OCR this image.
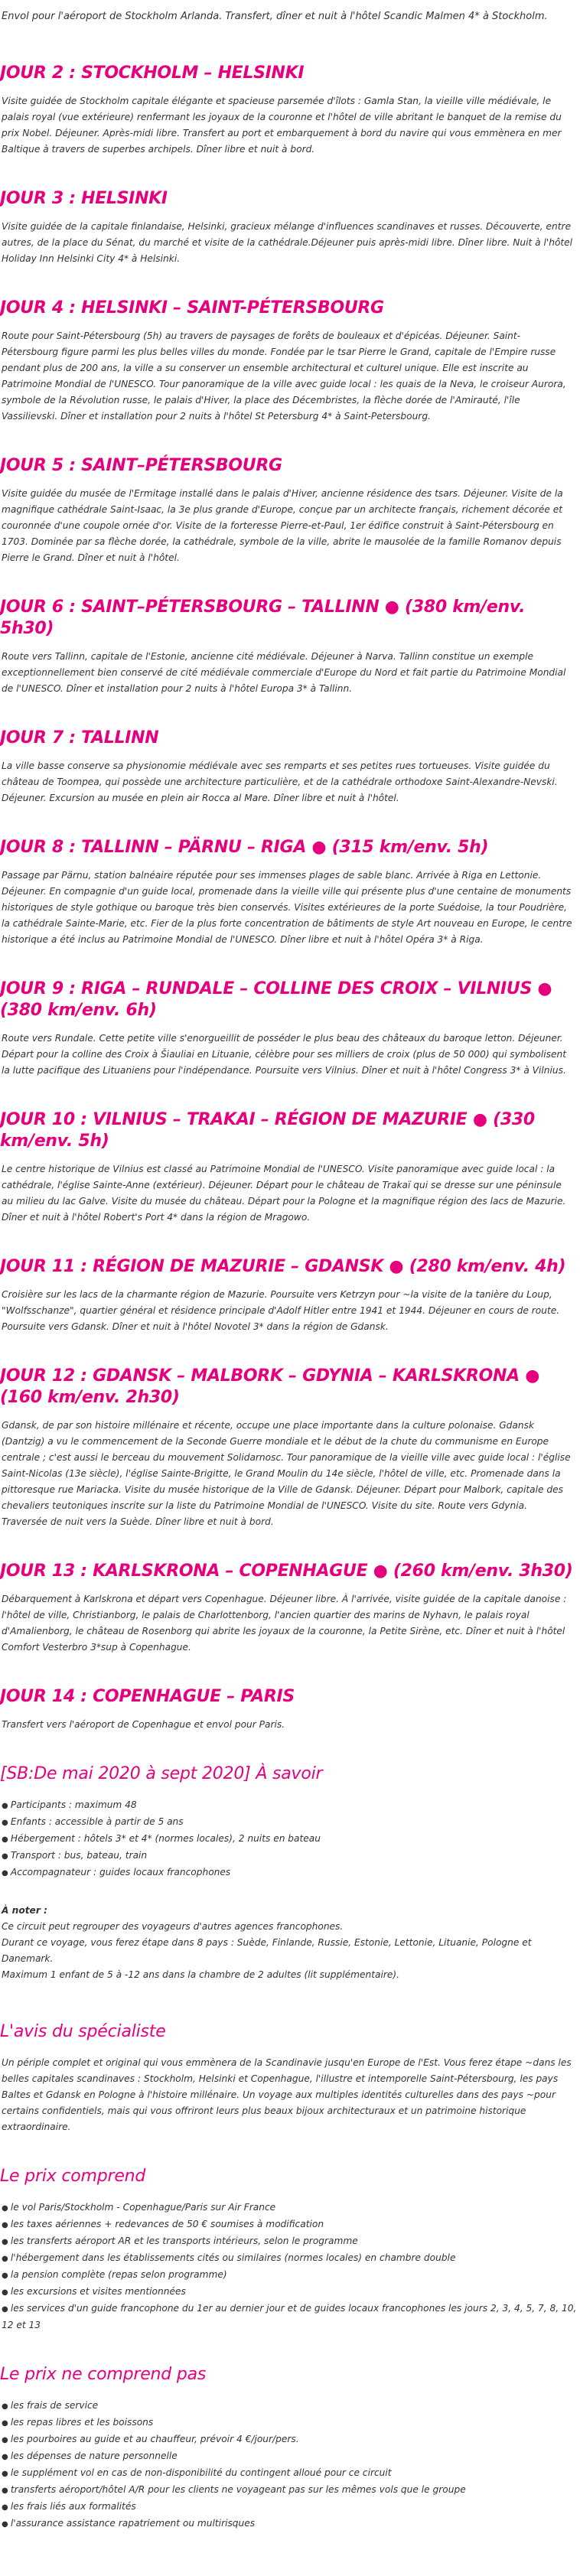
Envol pour l'aéroport de Stockholm Arlanda. Transfert, dîner et nuit à l'hôtel Scandic Malmen 4* à Stockholm.

JOUR 2 : STOCKHOLM – HELSINKI

Visite guidée de Stockholm capitale élégante et spacieuse parsemée d'îlots : Gamla Stan, la vieille ville médiévale, le palais royal (vue extérieure) renfermant les joyaux de la couronne et l'hôtel de ville abritant le banquet de la remise du prix Nobel. Déjeuner. Après-midi libre. Transfert au port et embarquement à bord du navire qui vous emmènera en mer Baltique à travers de superbes archipels. Dîner libre et nuit à bord.

JOUR 3 : HELSINKI

Visite guidée de la capitale finlandaise, Helsinki, gracieux mélange d'influences scandinaves et russes. Découverte, entre autres, de la place du Sénat, du marché et visite de la cathédrale.Déjeuner puis après-midi libre. Dîner libre. Nuit à l'hôtel Holiday Inn Helsinki City 4* à Helsinki.

JOUR 4 : HELSINKI – SAINT-PÉTERSBOURG

Route pour Saint-Pétersbourg (5h) au travers de paysages de forêts de bouleaux et d'épicéas. Déjeuner. Saint-Pétersbourg figure parmi les plus belles villes du monde. Fondée par le tsar Pierre le Grand, capitale de l'Empire russe pendant plus de 200 ans, la ville a su conserver un ensemble architectural et culturel unique. Elle est inscrite au Patrimoine Mondial de l'UNESCO. Tour panoramique de la ville avec guide local : les quais de la Neva, le croiseur Aurora, symbole de la Révolution russe, le palais d'Hiver, la place des Décembristes, la flèche dorée de l'Amirauté, l'île Vassilievski. Dîner et installation pour 2 nuits à l'hôtel St Petersburg 4* à Saint-Petersbourg.

JOUR 5 : SAINT–PÉTERSBOURG

Visite guidée du musée de l'Ermitage installé dans le palais d'Hiver, ancienne résidence des tsars. Déjeuner. Visite de la magnifique cathédrale Saint-Isaac, la 3e plus grande d'Europe, conçue par un architecte français, richement décorée et couronnée d'une coupole ornée d'or. Visite de la forteresse Pierre-et-Paul, 1er édifice construit à Saint-Pétersbourg en 1703. Dominée par sa flèche dorée, la cathédrale, symbole de la ville, abrite le mausolée de la famille Romanov depuis Pierre le Grand. Dîner et nuit à l'hôtel.

JOUR 6 : SAINT–PÉTERSBOURG – TALLINN ● (380 km/env. 5h30)

Route vers Tallinn, capitale de l'Estonie, ancienne cité médiévale. Déjeuner à Narva. Tallinn constitue un exemple exceptionnellement bien conservé de cité médiévale commerciale d'Europe du Nord et fait partie du Patrimoine Mondial de l'UNESCO. Dîner et installation pour 2 nuits à l'hôtel Europa 3* à Tallinn.

JOUR 7 : TALLINN

La ville basse conserve sa physionomie médiévale avec ses remparts et ses petites rues tortueuses. Visite guidée du château de Toompea, qui possède une architecture particulière, et de la cathédrale orthodoxe Saint-Alexandre-Nevski. Déjeuner. Excursion au musée en plein air Rocca al Mare. Dîner libre et nuit à l'hôtel.

JOUR 8 : TALLINN – PÄRNU – RIGA ● (315 km/env. 5h)

Passage par Pärnu, station balnéaire réputée pour ses immenses plages de sable blanc. Arrivée à Riga en Lettonie. Déjeuner. En compagnie d'un guide local, promenade dans la vieille ville qui présente plus d'une centaine de monuments historiques de style gothique ou baroque très bien conservés. Visites extérieures de la porte Suédoise, la tour Poudrière, la cathédrale Sainte-Marie, etc. Fier de la plus forte concentration de bâtiments de style Art nouveau en Europe, le centre historique a été inclus au Patrimoine Mondial de l'UNESCO. Dîner libre et nuit à l'hôtel Opéra 3* à Riga.

JOUR 9 : RIGA – RUNDALE – COLLINE DES CROIX – VILNIUS ● (380 km/env. 6h)

Route vers Rundale. Cette petite ville s'enorgueillit de posséder le plus beau des châteaux du baroque letton. Déjeuner. Départ pour la colline des Croix à Šiauliai en Lituanie, célèbre pour ses milliers de croix (plus de 50 000) qui symbolisent la lutte pacifique des Lituaniens pour l'indépendance. Poursuite vers Vilnius. Dîner et nuit à l'hôtel Congress 3* à Vilnius.

JOUR 10 : VILNIUS – TRAKAI – RÉGION DE MAZURIE ● (330 km/env. 5h)

Le centre historique de Vilnius est classé au Patrimoine Mondial de l'UNESCO. Visite panoramique avec guide local : la cathédrale, l'église Sainte-Anne (extérieur). Déjeuner. Départ pour le château de Trakaï qui se dresse sur une péninsule au milieu du lac Galve. Visite du musée du château. Départ pour la Pologne et la magnifique région des lacs de Mazurie. Dîner et nuit à l'hôtel Robert's Port 4* dans la région de Mragowo.

JOUR 11 : RÉGION DE MAZURIE – GDANSK ● (280 km/env. 4h)

Croisière sur les lacs de la charmante région de Mazurie. Poursuite vers Ketrzyn pour ~la visite de la tanière du Loup, "Wolfsschanze", quartier général et résidence principale d'Adolf Hitler entre 1941 et 1944. Déjeuner en cours de route. Poursuite vers Gdansk. Dîner et nuit à l'hôtel Novotel 3* dans la région de Gdansk.

JOUR 12 : GDANSK – MALBORK – GDYNIA – KARLSKRONA ● (160 km/env. 2h30)

Gdansk, de par son histoire millénaire et récente, occupe une place importante dans la culture polonaise. Gdansk (Dantzig) a vu le commencement de la Seconde Guerre mondiale et le début de la chute du communisme en Europe centrale ; c'est aussi le berceau du mouvement Solidarnosc. Tour panoramique de la vieille ville avec guide local : l'église Saint-Nicolas (13e siècle), l'église Sainte-Brigitte, le Grand Moulin du 14e siècle, l'hôtel de ville, etc. Promenade dans la pittoresque rue Mariacka. Visite du musée historique de la Ville de Gdansk. Déjeuner. Départ pour Malbork, capitale des chevaliers teutoniques inscrite sur la liste du Patrimoine Mondial de l'UNESCO. Visite du site. Route vers Gdynia. Traversée de nuit vers la Suède. Dîner libre et nuit à bord.

JOUR 13 : KARLSKRONA – COPENHAGUE ● (260 km/env. 3h30)

Débarquement à Karlskrona et départ vers Copenhague. Déjeuner libre. À l'arrivée, visite guidée de la capitale danoise : l'hôtel de ville, Christianborg, le palais de Charlottenborg, l'ancien quartier des marins de Nyhavn, le palais royal d'Amalienborg, le château de Rosenborg qui abrite les joyaux de la couronne, la Petite Sirène, etc. Dîner et nuit à l'hôtel Comfort Vesterbro 3*sup à Copenhague.

JOUR 14 : COPENHAGUE – PARIS

Transfert vers l'aéroport de Copenhague et envol pour Paris.

[SB:De mai 2020 à sept 2020] À savoir
● Participants : maximum 48
● Enfants : accessible à partir de 5 ans
● Hébergement : hôtels 3* et 4* (normes locales), 2 nuits en bateau
● Transport : bus, bateau, train
● Accompagnateur : guides locaux francophones

À noter :

Ce circuit peut regrouper des voyageurs d'autres agences francophones.
Durant ce voyage, vous ferez étape dans 8 pays : Suède, Finlande, Russie, Estonie, Lettonie, Lituanie, Pologne et Danemark.
Maximum 1 enfant de 5 à -12 ans dans la chambre de 2 adultes (lit supplémentaire).
L'avis du spécialiste

Un périple complet et original qui vous emmènera de la Scandinavie jusqu'en Europe de l'Est. Vous ferez étape ~dans les belles capitales scandinaves : Stockholm, Helsinki et Copenhague, l'illustre et intemporelle Saint-Pétersbourg, les pays Baltes et Gdansk en Pologne à l'histoire millénaire. Un voyage aux multiples identités culturelles dans des pays ~pour certains confidentiels, mais qui vous offriront leurs plus beaux bijoux architecturaux et un patrimoine historique extraordinaire.

Le prix comprend
● le vol Paris/Stockholm - Copenhague/Paris sur Air France
● les taxes aériennes + redevances de 50 € soumises à modification
● les transferts aéroport AR et les transports intérieurs, selon le programme
● l'hébergement dans les établissements cités ou similaires (normes locales) en chambre double
● la pension complète (repas selon programme)
● les excursions et visites mentionnées
● les services d'un guide francophone du 1er au dernier jour et de guides locaux francophones les jours 2, 3, 4, 5, 7, 8, 10, 12 et 13
Le prix ne comprend pas
● les frais de service
● les repas libres et les boissons
● les pourboires au guide et au chauffeur, prévoir 4 €/jour/pers.
● les dépenses de nature personnelle
● le supplément vol en cas de non-disponibilité du contingent alloué pour ce circuit
● transferts aéroport/hôtel A/R pour les clients ne voyageant pas sur les mêmes vols que le groupe
● les frais liés aux formalités
● l'assurance assistance rapatriement ou multirisques
